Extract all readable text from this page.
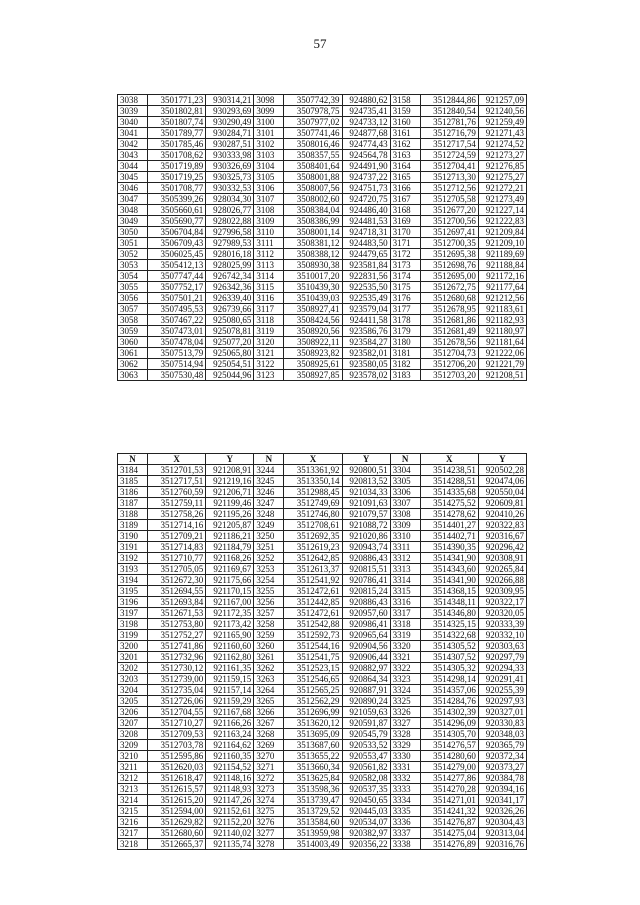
57
3038	3501771,23	930314,21	3098	3507742,39	924880,62	3158	3512844,86	921257,09
3039	3501802,81	930293,69	3099	3507978,75	924735,41	3159	3512840,54	921240,56
3040	3501807,74	930290,49	3100	3507977,02	924733,12	3160	3512781,76	921259,49
3041	3501789,77	930284,71	3101	3507741,46	924877,68	3161	3512716,79	921271,43
3042	3501785,46	930287,51	3102	3508016,46	924774,43	3162	3512717,54	921274,52
3043	3501708,62	930333,98	3103	3508357,55	924564,78	3163	3512724,59	921273,27
3044	3501719,89	930326,69	3104	3508401,64	924491,90	3164	3512704,41	921276,85
3045	3501719,25	930325,73	3105	3508001,88	924737,22	3165	3512713,30	921275,27
3046	3501708,77	930332,53	3106	3508007,56	924751,73	3166	3512712,56	921272,21
3047	3505399,26	928034,30	3107	3508002,60	924720,75	3167	3512705,58	921273,49
3048	3505660,61	928026,77	3108	3508384,04	924486,40	3168	3512677,20	921227,14
3049	3505690,77	928022,88	3109	3508386,99	924481,53	3169	3512700,56	921222,83
3050	3506704,84	927996,58	3110	3508001,14	924718,31	3170	3512697,41	921209,84
3051	3506709,43	927989,53	3111	3508381,12	924483,50	3171	3512700,35	921209,10
3052	3506025,45	928016,18	3112	3508388,12	924479,65	3172	3512695,38	921189,69
3053	3505412,13	928025,99	3113	3508930,38	923581,84	3173	3512698,76	921188,84
3054	3507747,44	926742,34	3114	3510017,20	922831,56	3174	3512695,00	921172,16
3055	3507752,17	926342,36	3115	3510439,30	922535,50	3175	3512672,75	921177,64
3056	3507501,21	926339,40	3116	3510439,03	922535,49	3176	3512680,68	921212,56
3057	3507495,53	926739,66	3117	3508927,41	923579,04	3177	3512678,95	921183,61
3058	3507467,22	925080,65	3118	3508424,56	924411,58	3178	3512681,86	921182,93
3059	3507473,01	925078,81	3119	3508920,56	923586,76	3179	3512681,49	921180,97
3060	3507478,04	925077,20	3120	3508922,11	923584,27	3180	3512678,56	921181,64
3061	3507513,79	925065,80	3121	3508923,82	923582,01	3181	3512704,73	921222,06
3062	3507514,94	925054,51	3122	3508925,61	923580,05	3182	3512706,20	921221,79
3063	3507530,48	925044,96	3123	3508927,85	923578,02	3183	3512703,20	921208,51
N	X	Y	N	X	Y	N	X	Y
3184	3512701,53	921208,91	3244	3513361,92	920800,51	3304	3514238,51	920502,28
3185	3512717,51	921219,16	3245	3513350,14	920813,52	3305	3514288,51	920474,06
3186	3512760,59	921206,71	3246	3512988,45	921034,33	3306	3514335,68	920550,04
3187	3512759,11	921199,46	3247	3512749,69	921091,63	3307	3514275,52	920609,81
3188	3512758,26	921195,26	3248	3512746,80	921079,57	3308	3514278,62	920410,26
3189	3512714,16	921205,87	3249	3512708,61	921088,72	3309	3514401,27	920322,83
3190	3512709,21	921186,21	3250	3512692,35	921020,86	3310	3514402,71	920316,67
3191	3512714,83	921184,79	3251	3512619,23	920943,74	3311	3514390,35	920296,42
3192	3512710,77	921168,26	3252	3512642,85	920886,43	3312	3514341,90	920308,91
3193	3512705,05	921169,67	3253	3512613,37	920815,51	3313	3514343,60	920265,84
3194	3512672,30	921175,66	3254	3512541,92	920786,41	3314	3514341,90	920266,88
3195	3512694,55	921170,15	3255	3512472,61	920815,24	3315	3514368,15	920309,95
3196	3512693,84	921167,00	3256	3512442,85	920886,43	3316	3514348,11	920322,17
3197	3512671,53	921172,35	3257	3512472,61	920957,60	3317	3514346,80	920320,05
3198	3512753,80	921173,42	3258	3512542,88	920986,41	3318	3514325,15	920333,39
3199	3512752,27	921165,90	3259	3512592,73	920965,64	3319	3514322,68	920332,10
3200	3512741,86	921160,60	3260	3512544,16	920904,56	3320	3514305,52	920303,63
3201	3512732,96	921162,80	3261	3512541,75	920906,44	3321	3514307,52	920297,79
3202	3512730,12	921161,35	3262	3512523,15	920882,97	3322	3514305,32	920294,33
3203	3512739,00	921159,15	3263	3512546,65	920864,34	3323	3514298,14	920291,41
3204	3512735,04	921157,14	3264	3512565,25	920887,91	3324	3514357,06	920255,39
3205	3512726,06	921159,29	3265	3512562,29	920890,24	3325	3514284,76	920297,93
3206	3512704,55	921167,68	3266	3512696,99	921059,63	3326	3514302,39	920327,01
3207	3512710,27	921166,26	3267	3513620,12	920591,87	3327	3514296,09	920330,83
3208	3512709,53	921163,24	3268	3513695,09	920545,79	3328	3514305,70	920348,03
3209	3512703,78	921164,62	3269	3513687,60	920533,52	3329	3514276,57	920365,79
3210	3512595,86	921160,35	3270	3513655,22	920553,47	3330	3514280,60	920372,34
3211	3512620,03	921154,52	3271	3513660,34	920561,82	3331	3514279,00	920373,27
3212	3512618,47	921148,16	3272	3513625,84	920582,08	3332	3514277,86	920384,78
3213	3512615,57	921148,93	3273	3513598,36	920537,35	3333	3514270,28	920394,16
3214	3512615,20	921147,26	3274	3513739,47	920450,65	3334	3514271,01	920341,17
3215	3512594,00	921152,61	3275	3513729,52	920445,03	3335	3514241,32	920326,26
3216	3512629,82	921152,20	3276	3513584,60	920534,07	3336	3514276,87	920304,43
3217	3512680,60	921140,02	3277	3513959,98	920382,97	3337	3514275,04	920313,04
3218	3512665,37	921135,74	3278	3514003,49	920356,22	3338	3514276,89	920316,76
